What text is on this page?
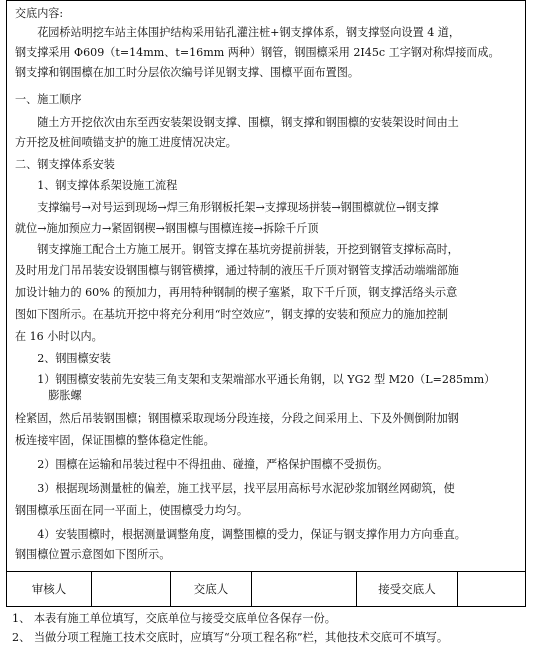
交底内容:
　　花园桥站明挖车站主体围护结构采用钻孔灌注桩+钢支撑体系，钢支撑竖向设置 4 道，
钢支撑采用 Φ609（t=14mm、t=16mm 两种）钢管，钢围檩采用 2I45c 工字钢对称焊接而成。
钢支撑和钢围檩在加工时分层依次编号详见钢支撑、围檩平面布置图。
一、施工顺序
　　随土方开挖依次由东至西安装架设钢支撑、围檩，钢支撑和钢围檩的安装架设时间由土
方开挖及桩间喷锚支护的施工进度情况决定。
二、钢支撑体系安装
　　1、钢支撑体系架设施工流程
　　支撑编号→对号运到现场→焊三角形钢板托架→支撑现场拼装→钢围檩就位→钢支撑
就位→施加预应力→紧固钢楔→钢围檩与围檩连接→拆除千斤顶
　　钢支撑施工配合土方施工展开。钢管支撑在基坑旁提前拼装，开挖到钢管支撑标高时，
及时用龙门吊吊装安设钢围檩与钢管横撑，通过特制的液压千斤顶对钢管支撑活动端端部施
加设计轴力的 60% 的预加力，再用特种钢制的楔子塞紧，取下千斤顶，钢支撑活络头示意
图如下图所示。在基坑开挖中将充分利用“时空效应”，钢支撑的安装和预应力的施加控制
在 16 小时以内。
　　2、钢围檩安装
　　1）钢围檩安装前先安装三角支架和支架端部水平通长角钢，以 YG2 型 M20（L=285mm）
　　　膨胀螺
栓紧固，然后吊装钢围檩；钢围檩采取现场分段连接，分段之间采用上、下及外侧倒附加钢
板连接牢固，保证围檩的整体稳定性能。
　　2）围檩在运输和吊装过程中不得扭曲、碰撞，严格保护围檩不受损伤。
　　3）根据现场测量桩的偏差，施工找平层，找平层用高标号水泥砂浆加钢丝网砌筑，使
钢围檩承压面在同一平面上，使围檩受力均匀。
　　4）安装围檩时，根据测量调整角度，调整围檩的受力，保证与钢支撑作用力方向垂直。
钢围檩位置示意图如下图所示。
审核人	交底人	接受交底人
1、 本表有施工单位填写，交底单位与接受交底单位各保存一份。
2、 当做分项工程施工技术交底时，应填写“分项工程名称”栏，其他技术交底可不填写。
